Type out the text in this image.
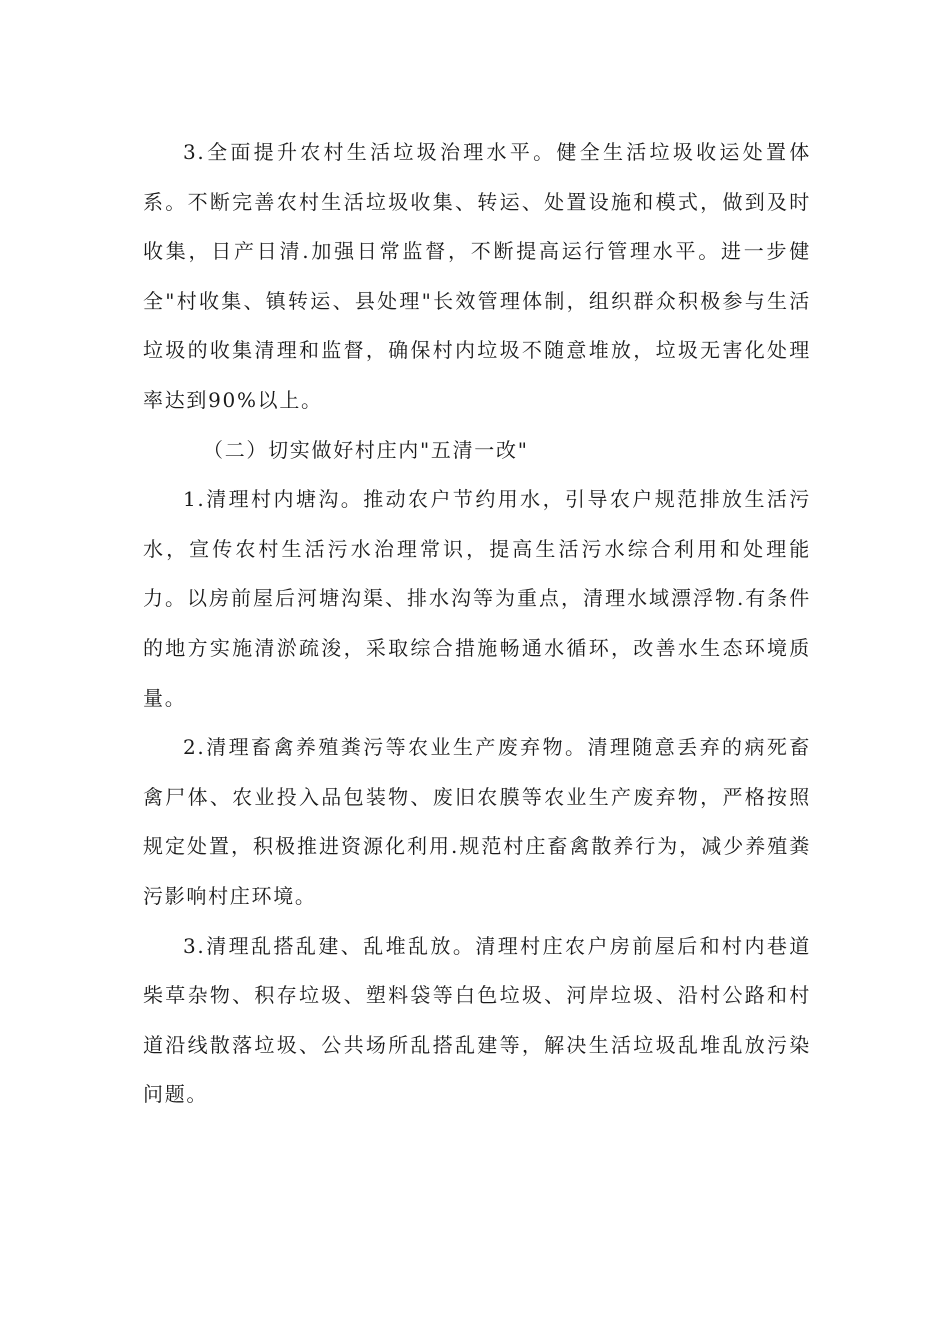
3.全面提升农村生活垃圾治理水平。健全生活垃圾收运处置体系。不断完善农村生活垃圾收集、转运、处置设施和模式，做到及时收集，日产日清.加强日常监督，不断提高运行管理水平。进一步健全"村收集、镇转运、县处理"长效管理体制，组织群众积极参与生活垃圾的收集清理和监督，确保村内垃圾不随意堆放，垃圾无害化处理率达到90%以上。

（二）切实做好村庄内"五清一改"

1.清理村内塘沟。推动农户节约用水，引导农户规范排放生活污水，宣传农村生活污水治理常识，提高生活污水综合利用和处理能力。以房前屋后河塘沟渠、排水沟等为重点，清理水域漂浮物.有条件的地方实施清淤疏浚，采取综合措施畅通水循环，改善水生态环境质量。

2.清理畜禽养殖粪污等农业生产废弃物。清理随意丢弃的病死畜禽尸体、农业投入品包装物、废旧农膜等农业生产废弃物，严格按照规定处置，积极推进资源化利用.规范村庄畜禽散养行为，减少养殖粪污影响村庄环境。

3.清理乱搭乱建、乱堆乱放。清理村庄农户房前屋后和村内巷道柴草杂物、积存垃圾、塑料袋等白色垃圾、河岸垃圾、沿村公路和村道沿线散落垃圾、公共场所乱搭乱建等，解决生活垃圾乱堆乱放污染问题。
